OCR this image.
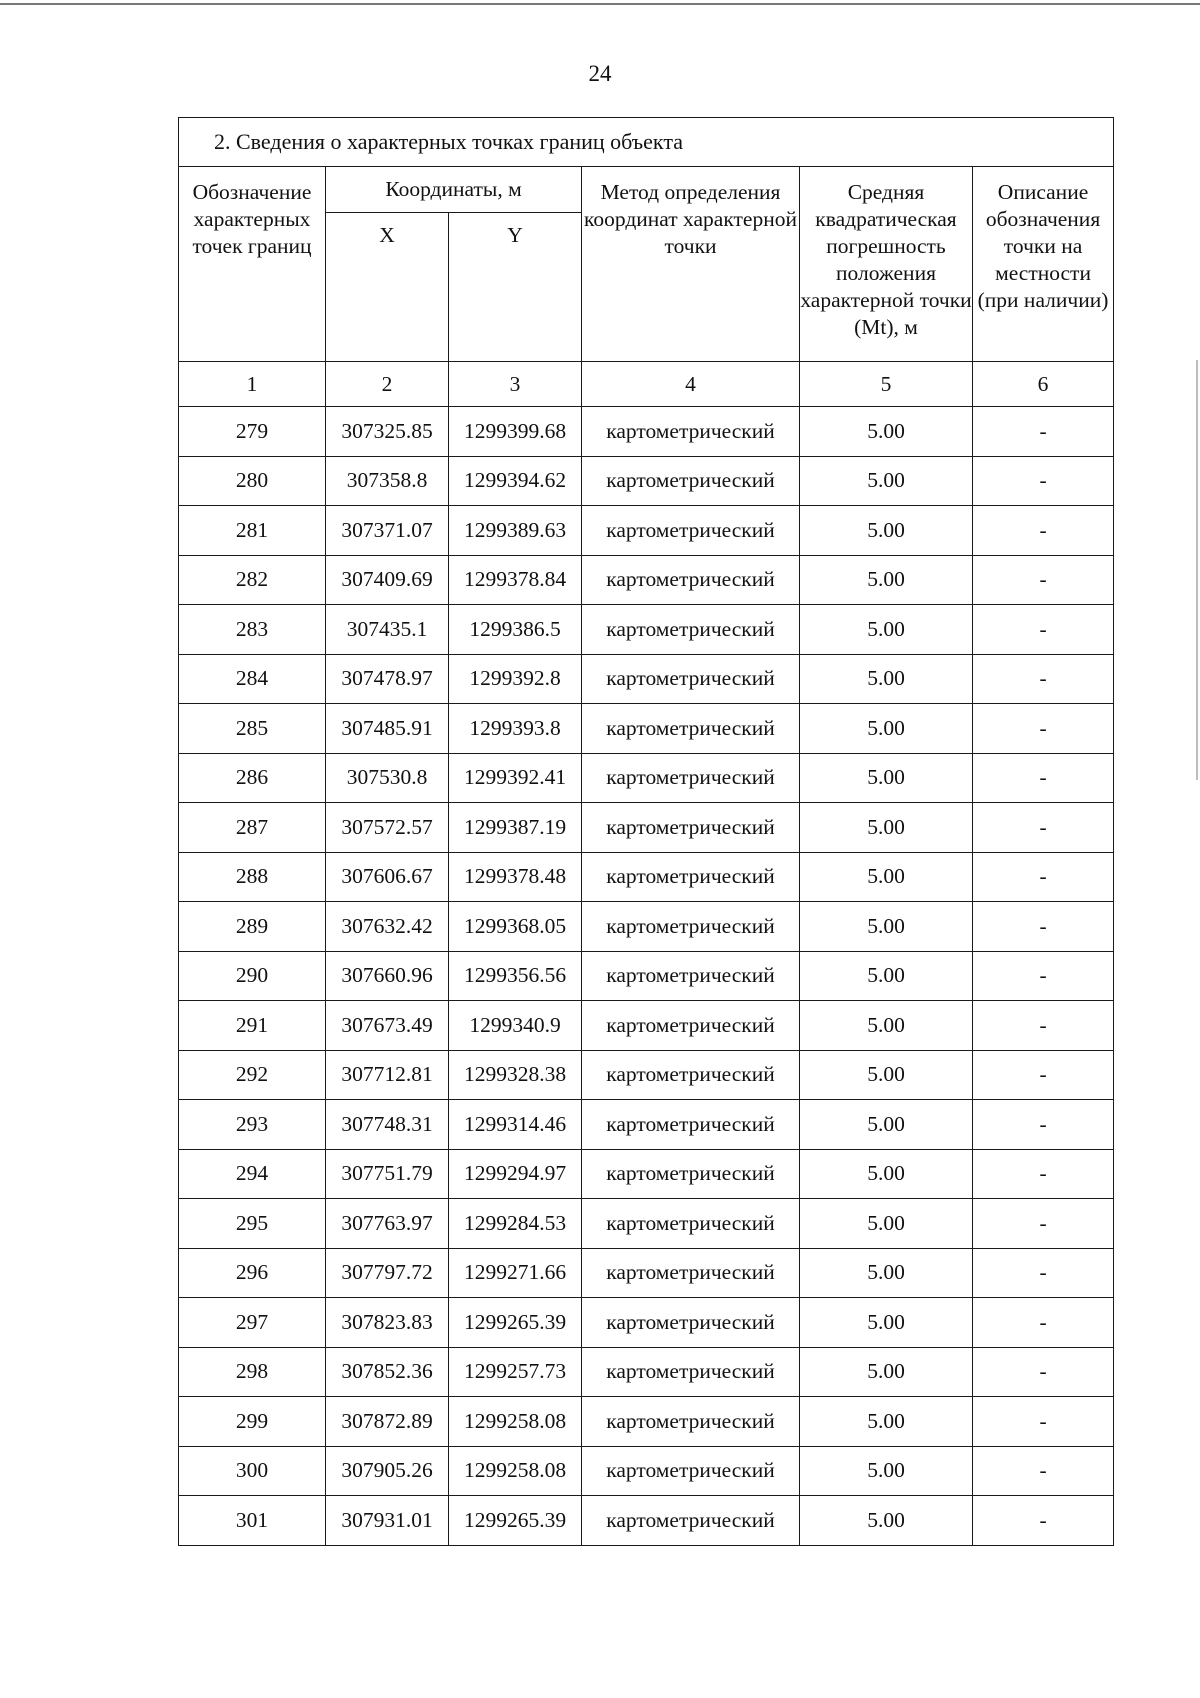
24
2. Сведения о характерных точках границ объекта					
Обозначение характерных точек границ	Координаты, м		Метод определения координат характерной точки	Средняя квадратическая погрешность положения характерной точки (Mt), м	Описание обозначения точки на местности (при наличии)
	X	Y			
1	2	3	4	5	6
279	307325.85	1299399.68	картометрический	5.00	-
280	307358.8	1299394.62	картометрический	5.00	-
281	307371.07	1299389.63	картометрический	5.00	-
282	307409.69	1299378.84	картометрический	5.00	-
283	307435.1	1299386.5	картометрический	5.00	-
284	307478.97	1299392.8	картометрический	5.00	-
285	307485.91	1299393.8	картометрический	5.00	-
286	307530.8	1299392.41	картометрический	5.00	-
287	307572.57	1299387.19	картометрический	5.00	-
288	307606.67	1299378.48	картометрический	5.00	-
289	307632.42	1299368.05	картометрический	5.00	-
290	307660.96	1299356.56	картометрический	5.00	-
291	307673.49	1299340.9	картометрический	5.00	-
292	307712.81	1299328.38	картометрический	5.00	-
293	307748.31	1299314.46	картометрический	5.00	-
294	307751.79	1299294.97	картометрический	5.00	-
295	307763.97	1299284.53	картометрический	5.00	-
296	307797.72	1299271.66	картометрический	5.00	-
297	307823.83	1299265.39	картометрический	5.00	-
298	307852.36	1299257.73	картометрический	5.00	-
299	307872.89	1299258.08	картометрический	5.00	-
300	307905.26	1299258.08	картометрический	5.00	-
301	307931.01	1299265.39	картометрический	5.00	-
